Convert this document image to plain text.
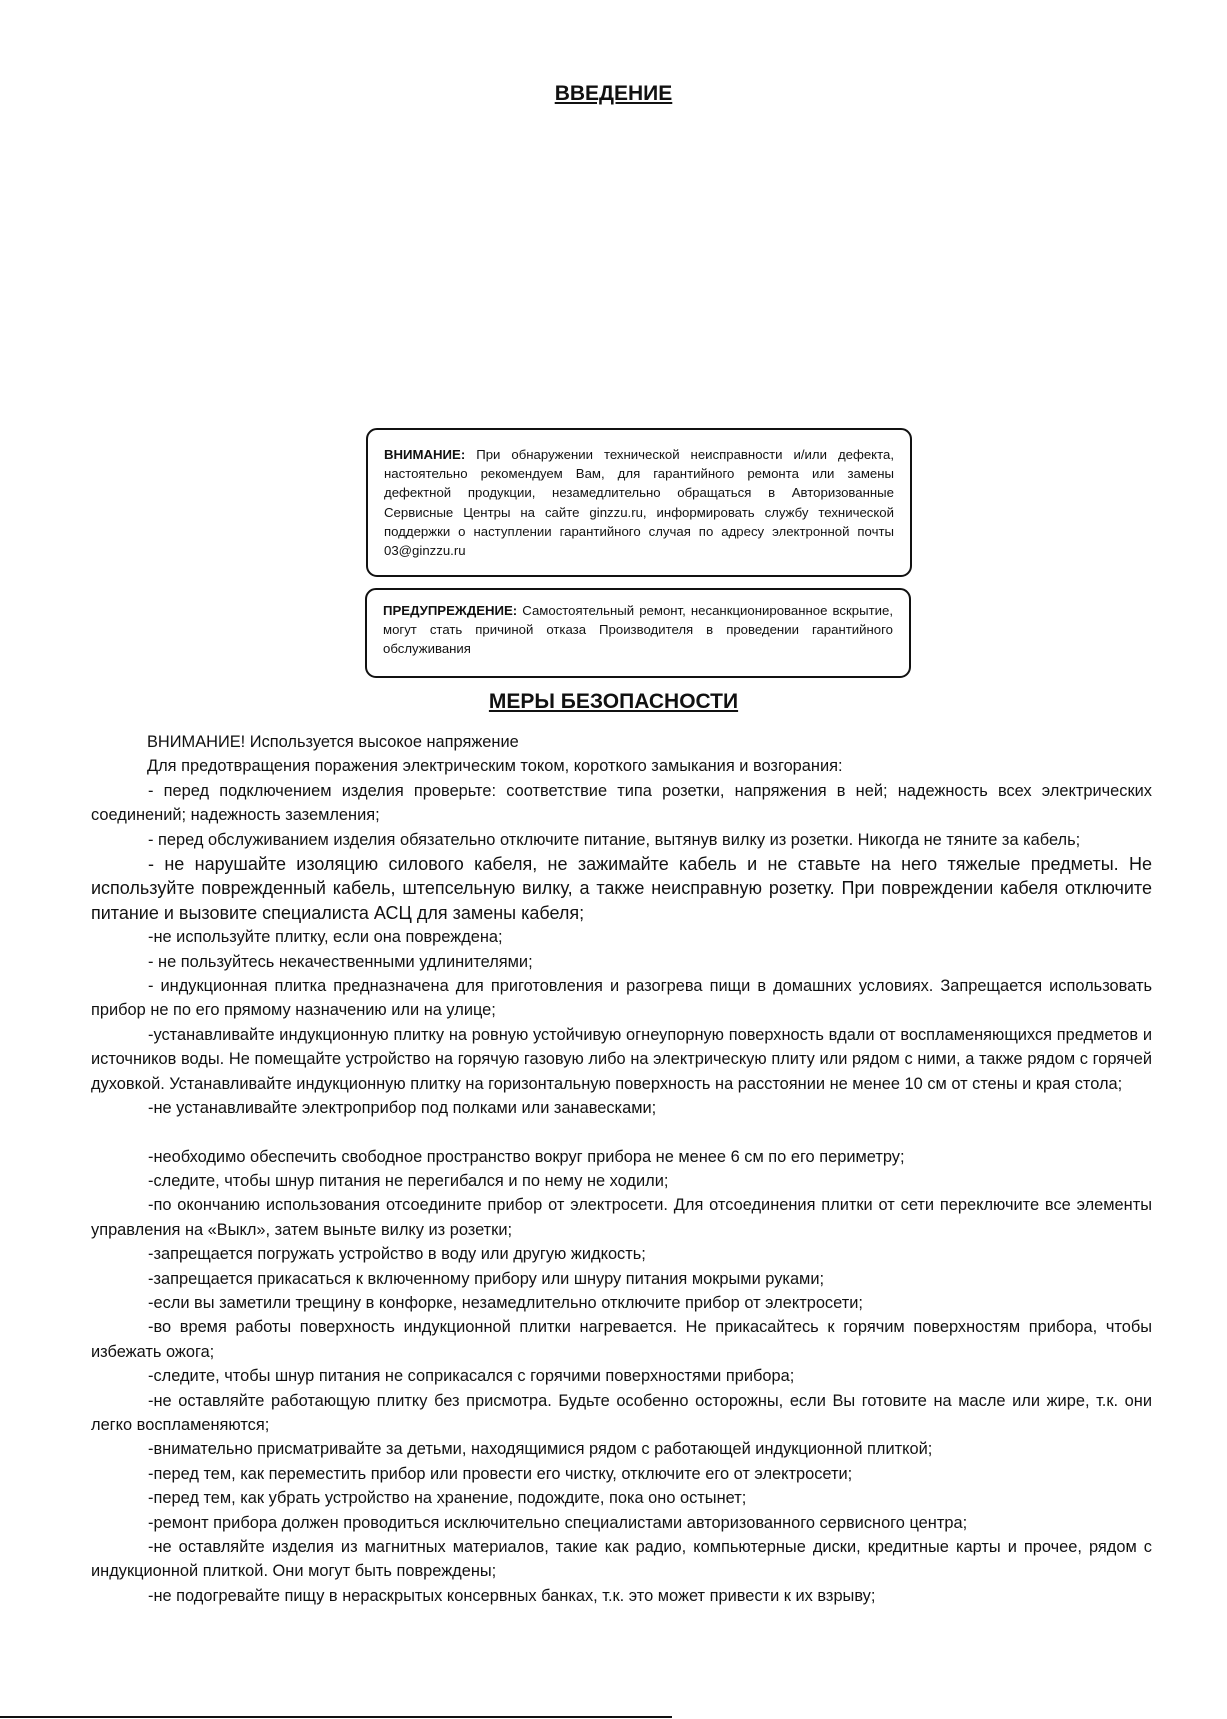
ВВЕДЕНИЕ
ВНИМАНИЕ: При обнаружении технической неисправности и/или дефекта, настоятельно рекомендуем Вам, для гарантийного ремонта или замены дефектной продукции, незамедлительно обращаться в Авторизованные Сервисные Центры на сайте ginzzu.ru, информировать службу технической поддержки о наступлении гарантийного случая по адресу электронной почты 03@ginzzu.ru
ПРЕДУПРЕЖДЕНИЕ: Самостоятельный ремонт, несанкционированное вскрытие, могут стать причиной отказа Производителя в проведении гарантийного обслуживания
МЕРЫ БЕЗОПАСНОСТИ

ВНИМАНИЕ! Используется высокое напряжение

Для предотвращения поражения электрическим током, короткого замыкания и возгорания:

- перед подключением изделия проверьте: соответствие типа розетки, напряжения в ней; надежность всех электрических соединений; надежность заземления;

- перед обслуживанием изделия обязательно отключите питание, вытянув вилку из розетки. Никогда не тяните за кабель;

- не нарушайте изоляцию силового кабеля, не зажимайте кабель и не ставьте на него тяжелые предметы. Не используйте поврежденный кабель, штепсельную вилку, а также неисправную розетку. При повреждении кабеля отключите питание и вызовите специалиста АСЦ для замены кабеля;

-не используйте плитку, если она повреждена;

- не пользуйтесь некачественными удлинителями;

- индукционная плитка предназначена для приготовления и разогрева пищи в домашних условиях. Запрещается использовать прибор не по его прямому назначению или на улице;

-устанавливайте индукционную плитку на ровную устойчивую огнеупорную поверхность вдали от воспламеняющихся предметов и источников воды. Не помещайте устройство на горячую газовую либо на электрическую плиту или рядом с ними, а также рядом с горячей духовкой. Устанавливайте индукционную плитку на горизонтальную поверхность на расстоянии не менее 10 см от стены и края стола;

-не устанавливайте электроприбор под полками или занавесками;

-необходимо обеспечить свободное пространство вокруг прибора не менее 6 см по его периметру;

-следите, чтобы шнур питания не перегибался и по нему не ходили;

-по окончанию использования отсоедините прибор от электросети. Для отсоединения плитки от сети переключите все элементы управления на «Выкл», затем выньте вилку из розетки;

-запрещается погружать устройство в воду или другую жидкость;

-запрещается прикасаться к включенному прибору или шнуру питания мокрыми руками;

-если вы заметили трещину в конфорке, незамедлительно отключите прибор от электросети;

-во время работы поверхность индукционной плитки нагревается. Не прикасайтесь к горячим поверхностям прибора, чтобы избежать ожога;

-следите, чтобы шнур питания не соприкасался с горячими поверхностями прибора;

-не оставляйте работающую плитку без присмотра. Будьте особенно осторожны, если Вы готовите на масле или жире, т.к. они легко воспламеняются;

-внимательно присматривайте за детьми, находящимися рядом с работающей индукционной плиткой;

-перед тем, как переместить прибор или провести его чистку, отключите его от электросети;

-перед тем, как убрать устройство на хранение, подождите, пока оно остынет;

-ремонт прибора должен проводиться исключительно специалистами авторизованного сервисного центра;

-не оставляйте изделия из магнитных материалов, такие как радио, компьютерные диски, кредитные карты и прочее, рядом с индукционной плиткой. Они могут быть повреждены;

-не подогревайте пищу в нераскрытых консервных банках, т.к. это может привести к их взрыву;
